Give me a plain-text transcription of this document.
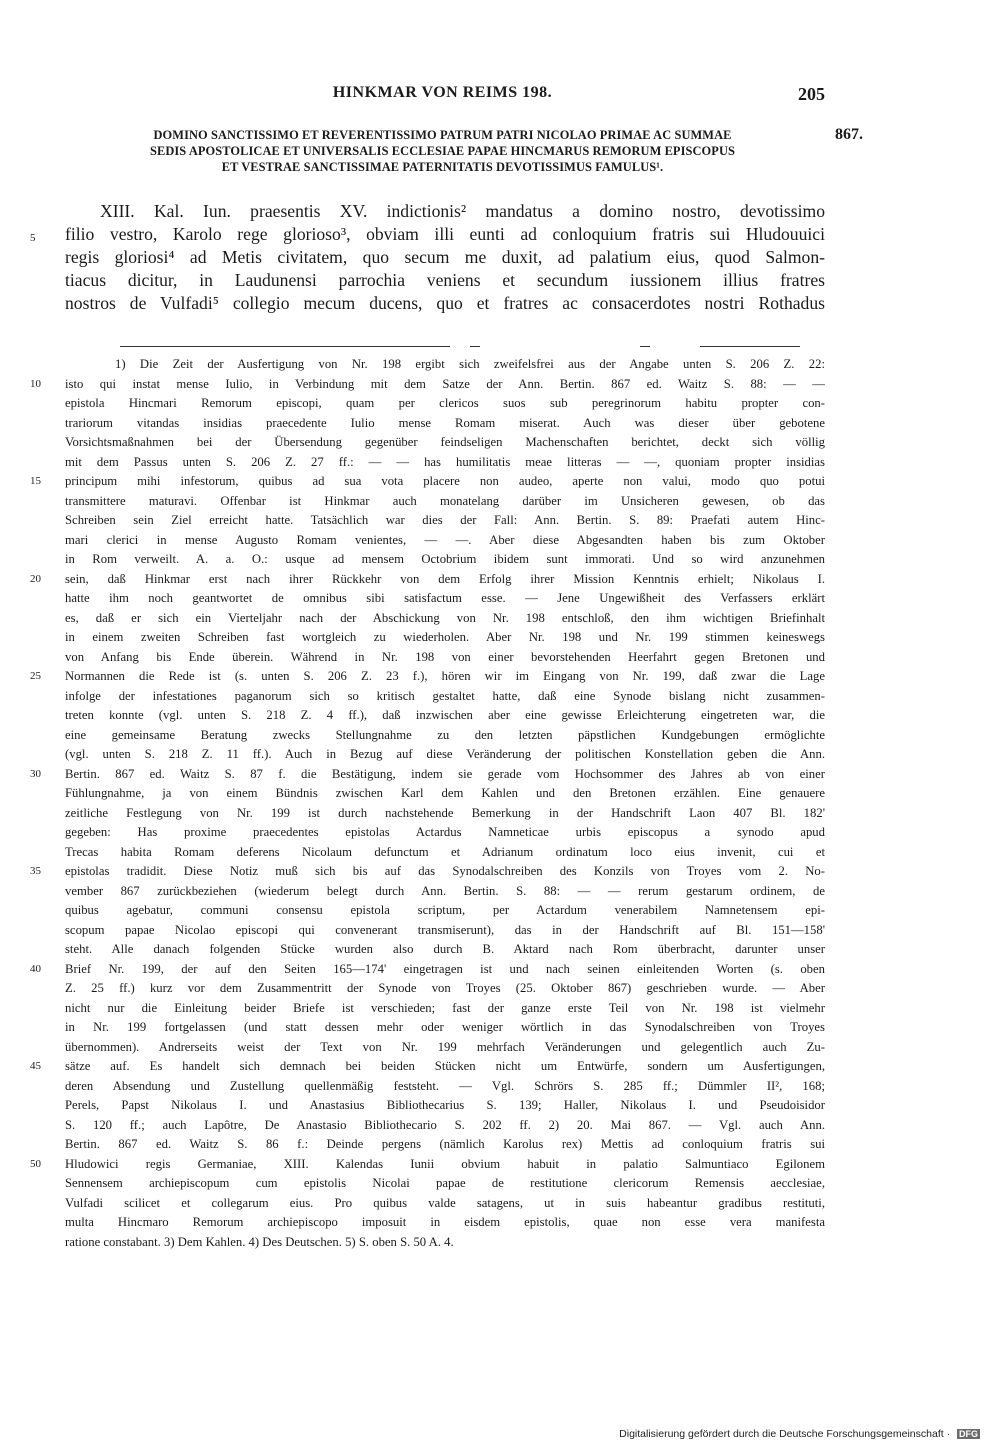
HINKMAR VON REIMS 198.	205
DOMINO SANCTISSIMO ET REVERENTISSIMO PATRUM PATRI NICOLAO PRIMAE AC SUMMAE
SEDIS APOSTOLICAE ET UNIVERSALIS ECCLESIAE PAPAE HINCMARUS REMORUM EPISCOPUS
ET VESTRAE SANCTISSIMAE PATERNITATIS DEVOTISSIMUS FAMULUS¹.
867.
XIII. Kal. Iun. praesentis XV. indictionis² mandatus a domino nostro, devotissimo
filio vestro, Karolo rege glorioso³, obviam illi eunti ad conloquium fratris sui Hludouuici
regis gloriosi⁴ ad Metis civitatem, quo secum me duxit, ad palatium eius, quod Salmon-
tiacus dicitur, in Laudunensi parrochia veniens et secundum iussionem illius fratres
nostros de Vulfadi⁵ collegio mecum ducens, quo et fratres ac consacerdotes nostri Rothadus
5
1) Die Zeit der Ausfertigung von Nr. 198 ergibt sich zweifelsfrei aus der Angabe unten S. 206 Z. 22:
isto qui instat mense Iulio, in Verbindung mit dem Satze der Ann. Bertin. 867 ed. Waitz S. 88: — —
epistola Hincmari Remorum episcopi, quam per clericos suos sub peregrinorum habitu propter con-
trariorum vitandas insidias praecedente Iulio mense Romam miserat. Auch was dieser über gebotene
Vorsichtsmaßnahmen bei der Übersendung gegenüber feindseligen Machenschaften berichtet, deckt sich völlig
mit dem Passus unten S. 206 Z. 27 ff.: — — has humilitatis meae litteras — —, quoniam propter insidias
principum mihi infestorum, quibus ad sua vota placere non audeo, aperte non valui, modo quo potui
transmittere maturavi. Offenbar ist Hinkmar auch monatelang darüber im Unsicheren gewesen, ob das
Schreiben sein Ziel erreicht hatte. Tatsächlich war dies der Fall: Ann. Bertin. S. 89: Praefati autem Hinc-
mari clerici in mense Augusto Romam venientes, — —. Aber diese Abgesandten haben bis zum Oktober
in Rom verweilt. A. a. O.: usque ad mensem Octobrium ibidem sunt immorati. Und so wird anzunehmen
sein, daß Hinkmar erst nach ihrer Rückkehr von dem Erfolg ihrer Mission Kenntnis erhielt; Nikolaus I.
hatte ihm noch geantwortet de omnibus sibi satisfactum esse. — Jene Ungewißheit des Verfassers erklärt
es, daß er sich ein Vierteljahr nach der Abschickung von Nr. 198 entschloß, den ihm wichtigen Briefinhalt
in einem zweiten Schreiben fast wortgleich zu wiederholen. Aber Nr. 198 und Nr. 199 stimmen keineswegs
von Anfang bis Ende überein. Während in Nr. 198 von einer bevorstehenden Heerfahrt gegen Bretonen und
Normannen die Rede ist (s. unten S. 206 Z. 23 f.), hören wir im Eingang von Nr. 199, daß zwar die Lage
infolge der infestationes paganorum sich so kritisch gestaltet hatte, daß eine Synode bislang nicht zusammen-
treten konnte (vgl. unten S. 218 Z. 4 ff.), daß inzwischen aber eine gewisse Erleichterung eingetreten war, die
eine gemeinsame Beratung zwecks Stellungnahme zu den letzten päpstlichen Kundgebungen ermöglichte
(vgl. unten S. 218 Z. 11 ff.). Auch in Bezug auf diese Veränderung der politischen Konstellation geben die Ann.
Bertin. 867 ed. Waitz S. 87 f. die Bestätigung, indem sie gerade vom Hochsommer des Jahres ab von einer
Fühlungnahme, ja von einem Bündnis zwischen Karl dem Kahlen und den Bretonen erzählen. Eine genauere
zeitliche Festlegung von Nr. 199 ist durch nachstehende Bemerkung in der Handschrift Laon 407 Bl. 182'
gegeben: Has proxime praecedentes epistolas Actardus Namneticae urbis episcopus a synodo apud
Trecas habita Romam deferens Nicolaum defunctum et Adrianum ordinatum loco eius invenit, cui et
epistolas tradidit. Diese Notiz muß sich bis auf das Synodalschreiben des Konzils von Troyes vom 2. No-
vember 867 zurückbeziehen (wiederum belegt durch Ann. Bertin. S. 88: — — rerum gestarum ordinem, de
quibus agebatur, communi consensu epistola scriptum, per Actardum venerabilem Namnetensem epi-
scopum papae Nicolao episcopi qui convenerant transmiserunt), das in der Handschrift auf Bl. 151—158'
steht. Alle danach folgenden Stücke wurden also durch B. Aktard nach Rom überbracht, darunter unser
Brief Nr. 199, der auf den Seiten 165—174' eingetragen ist und nach seinen einleitenden Worten (s. oben
Z. 25 ff.) kurz vor dem Zusammentritt der Synode von Troyes (25. Oktober 867) geschrieben wurde. — Aber
nicht nur die Einleitung beider Briefe ist verschieden; fast der ganze erste Teil von Nr. 198 ist vielmehr
in Nr. 199 fortgelassen (und statt dessen mehr oder weniger wörtlich in das Synodalschreiben von Troyes
übernommen). Andrerseits weist der Text von Nr. 199 mehrfach Veränderungen und gelegentlich auch Zu-
sätze auf. Es handelt sich demnach bei beiden Stücken nicht um Entwürfe, sondern um Ausfertigungen,
deren Absendung und Zustellung quellenmäßig feststeht. — Vgl. Schrörs S. 285 ff.; Dümmler II², 168;
Perels, Papst Nikolaus I. und Anastasius Bibliothecarius S. 139; Haller, Nikolaus I. und Pseudoisidor
S. 120 ff.; auch Lapôtre, De Anastasio Bibliothecario S. 202 ff. 2) 20. Mai 867. — Vgl. auch Ann.
Bertin. 867 ed. Waitz S. 86 f.: Deinde pergens (nämlich Karolus rex) Mettis ad conloquium fratris sui
Hludowici regis Germaniae, XIII. Kalendas Iunii obvium habuit in palatio Salmuntiaco Egilonem
Sennensem archiepiscopum cum epistolis Nicolai papae de restitutione clericorum Remensis aecclesiae,
Vulfadi scilicet et collegarum eius. Pro quibus valde satagens, ut in suis habeantur gradibus restituti,
multa Hincmaro Remorum archiepiscopo imposuit in eisdem epistolis, quae non esse vera manifesta
ratione constabant. 3) Dem Kahlen. 4) Des Deutschen. 5) S. oben S. 50 A. 4.
10
15
20
25
30
35
40
45
50
Digitalisierung gefördert durch die Deutsche Forschungsgemeinschaft · DFG
